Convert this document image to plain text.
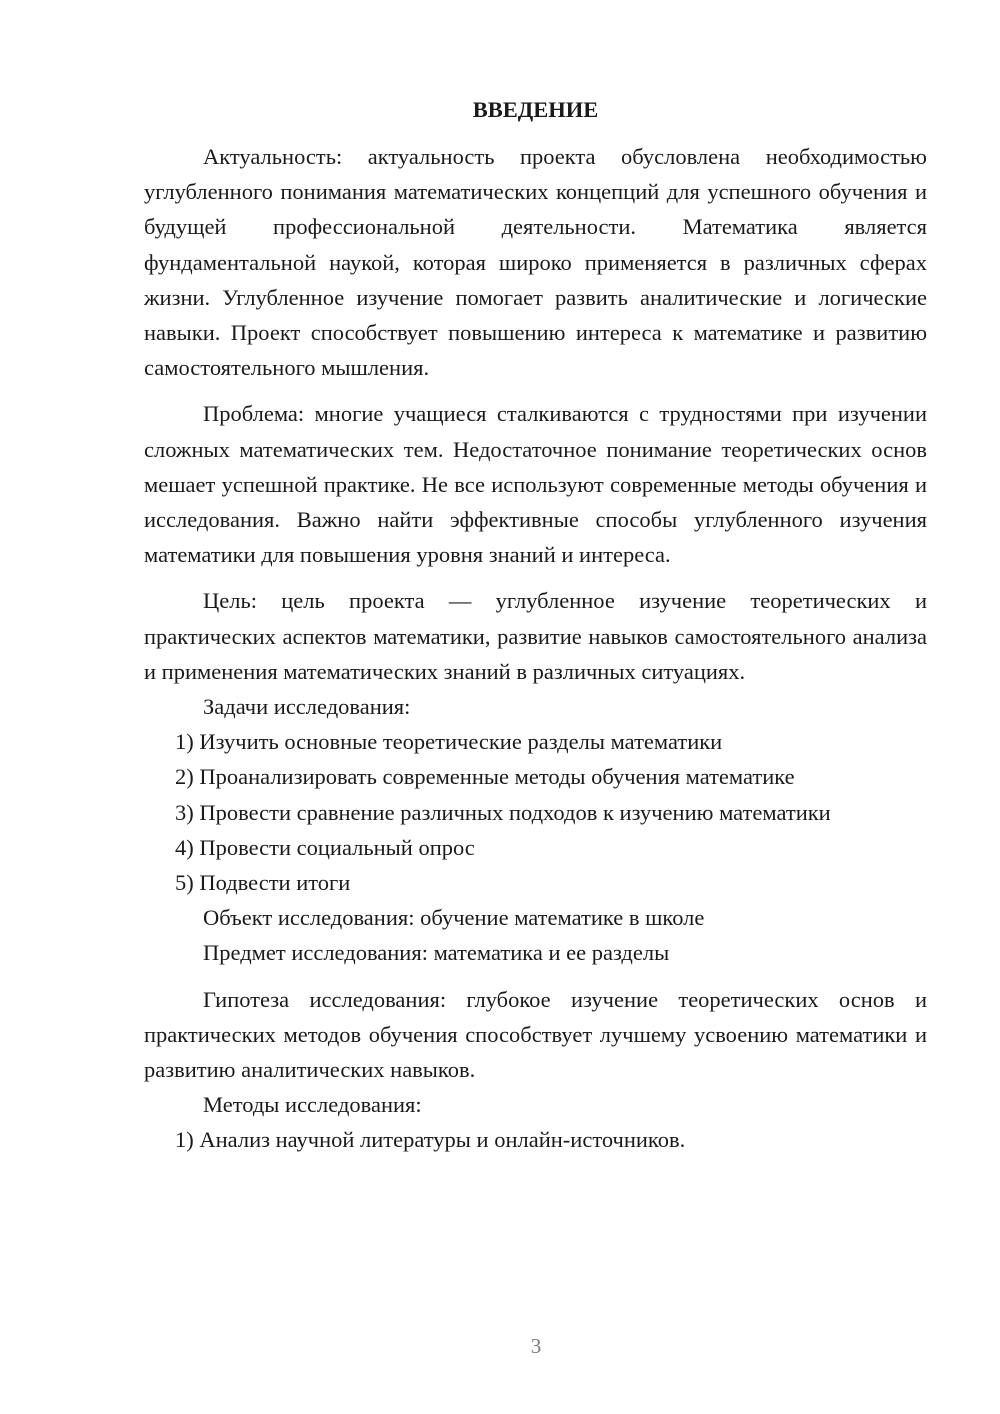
ВВЕДЕНИЕ

Актуальность: актуальность проекта обусловлена необходимостью углубленного понимания математических концепций для успешного обучения и будущей профессиональной деятельности. Математика является фундаментальной наукой, которая широко применяется в различных сферах жизни. Углубленное изучение помогает развить аналитические и логические навыки. Проект способствует повышению интереса к математике и развитию самостоятельного мышления.

Проблема: многие учащиеся сталкиваются с трудностями при изучении сложных математических тем. Недостаточное понимание теоретических основ мешает успешной практике. Не все используют современные методы обучения и исследования. Важно найти эффективные способы углубленного изучения математики для повышения уровня знаний и интереса.

Цель: цель проекта — углубленное изучение теоретических и практических аспектов математики, развитие навыков самостоятельного анализа и применения математических знаний в различных ситуациях.

Задачи исследования:

1) Изучить основные теоретические разделы математики

2) Проанализировать современные методы обучения математике

3) Провести сравнение различных подходов к изучению математики

4) Провести социальный опрос

5) Подвести итоги

Объект исследования: обучение математике в школе

Предмет исследования: математика и ее разделы

Гипотеза исследования: глубокое изучение теоретических основ и практических методов обучения способствует лучшему усвоению математики и развитию аналитических навыков.

Методы исследования:

1) Анализ научной литературы и онлайн-источников.

3
